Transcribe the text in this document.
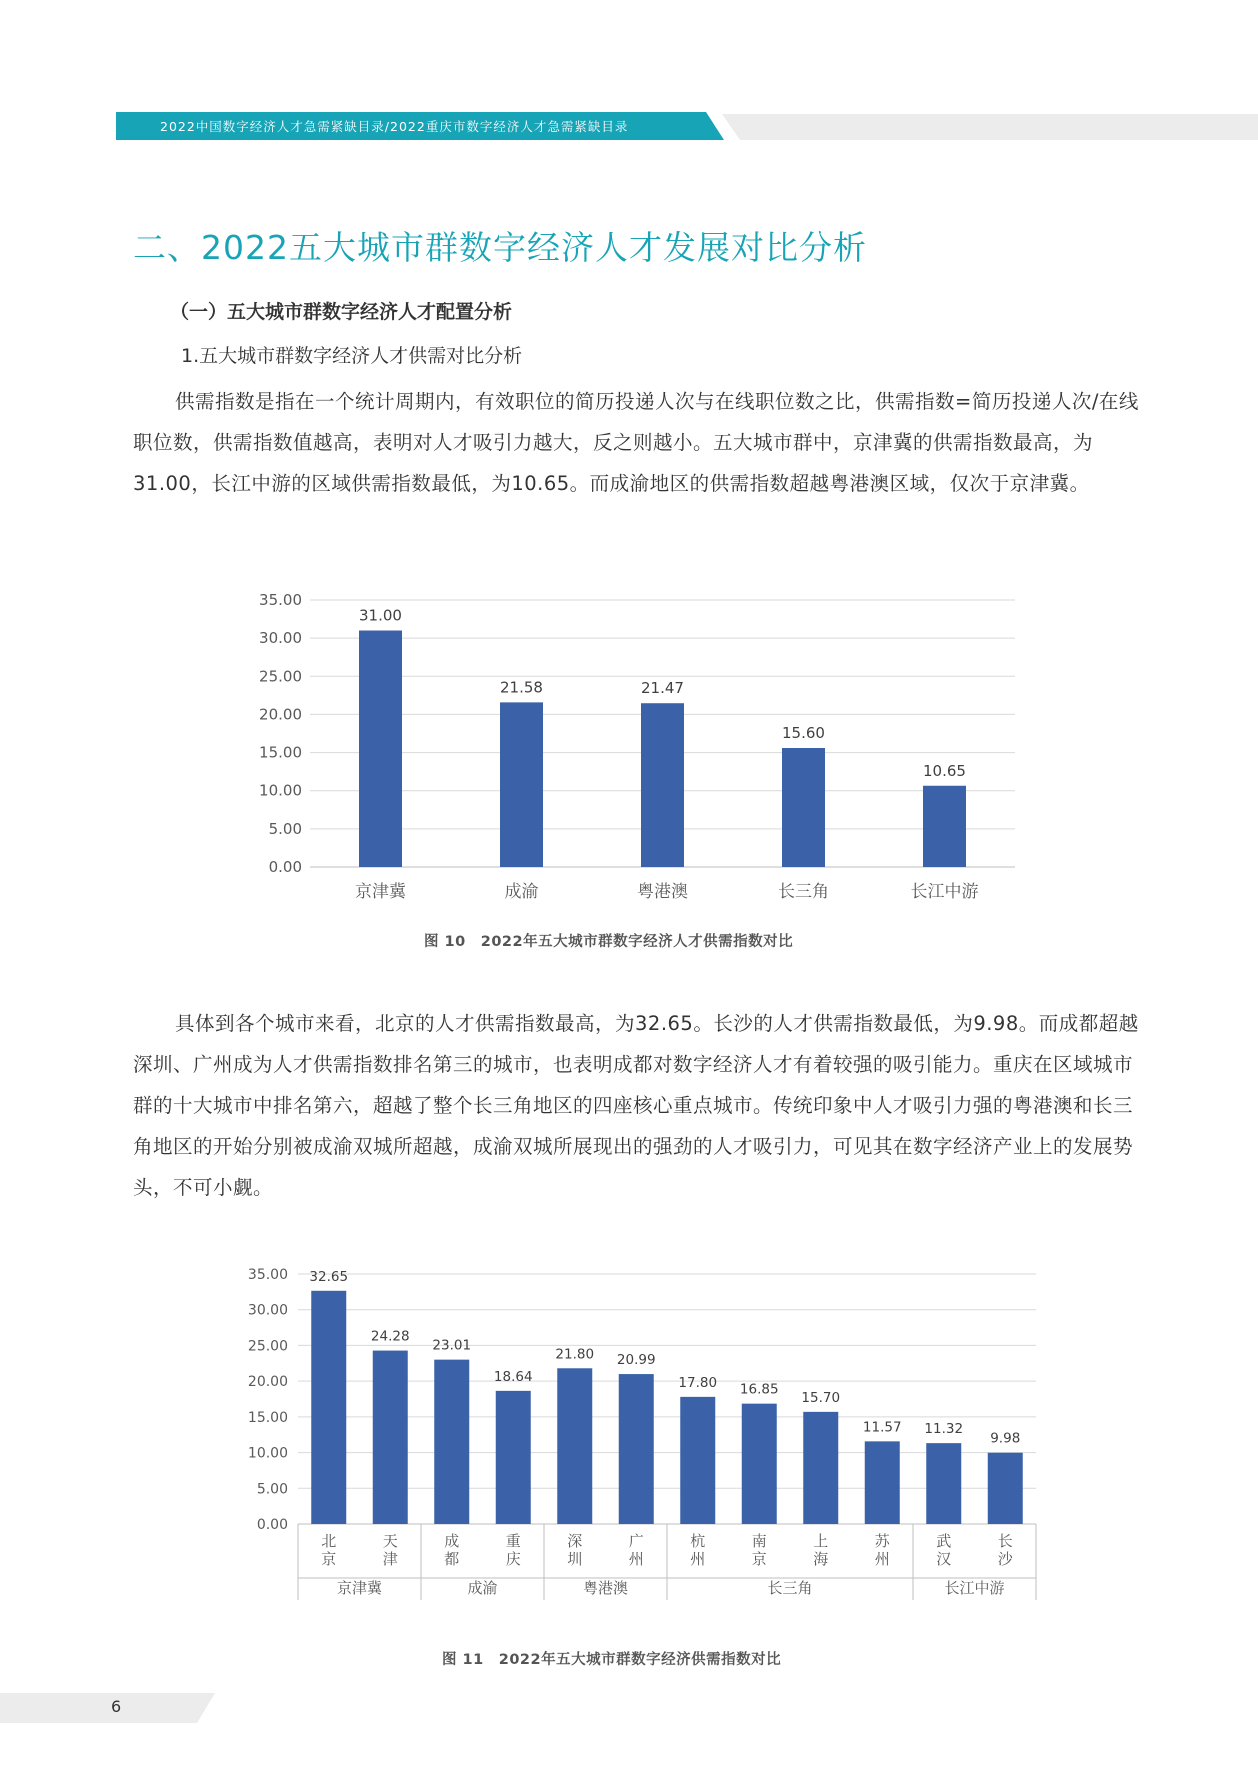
2022中国数字经济人才急需紧缺目录/2022重庆市数字经济人才急需紧缺目录
二、2022五大城市群数字经济人才发展对比分析
（一）五大城市群数字经济人才配置分析
1.五大城市群数字经济人才供需对比分析
供需指数是指在一个统计周期内，有效职位的简历投递人次与在线职位数之比，供需指数=简历投递人次/在线职位数，供需指数值越高，表明对人才吸引力越大，反之则越小。五大城市群中，京津冀的供需指数最高，为31.00，长江中游的区域供需指数最低，为10.65。而成渝地区的供需指数超越粤港澳区域，仅次于京津冀。
0.00
5.00
10.00
15.00
20.00
25.00
30.00
35.00
31.00
京津冀
21.58
成渝
21.47
粤港澳
15.60
长三角
10.65
长江中游
图 10　2022年五大城市群数字经济人才供需指数对比
具体到各个城市来看，北京的人才供需指数最高，为32.65。长沙的人才供需指数最低，为9.98。而成都超越深圳、广州成为人才供需指数排名第三的城市，也表明成都对数字经济人才有着较强的吸引能力。重庆在区域城市群的十大城市中排名第六，超越了整个长三角地区的四座核心重点城市。传统印象中人才吸引力强的粤港澳和长三角地区的开始分别被成渝双城所超越，成渝双城所展现出的强劲的人才吸引力，可见其在数字经济产业上的发展势头，不可小觑。
0.00
5.00
10.00
15.00
20.00
25.00
30.00
35.00 32.65
北
京
24.28
天
津
23.01
成
都
18.64
重
庆
21.80
深
圳
20.99
广
州
17.80
杭
州
16.85
南
京
15.70
上
海
11.57
苏
州
11.32
武
汉
9.98
长
沙
京津冀	成渝	粤港澳	长三角	长江中游
图 11　2022年五大城市群数字经济供需指数对比
6
